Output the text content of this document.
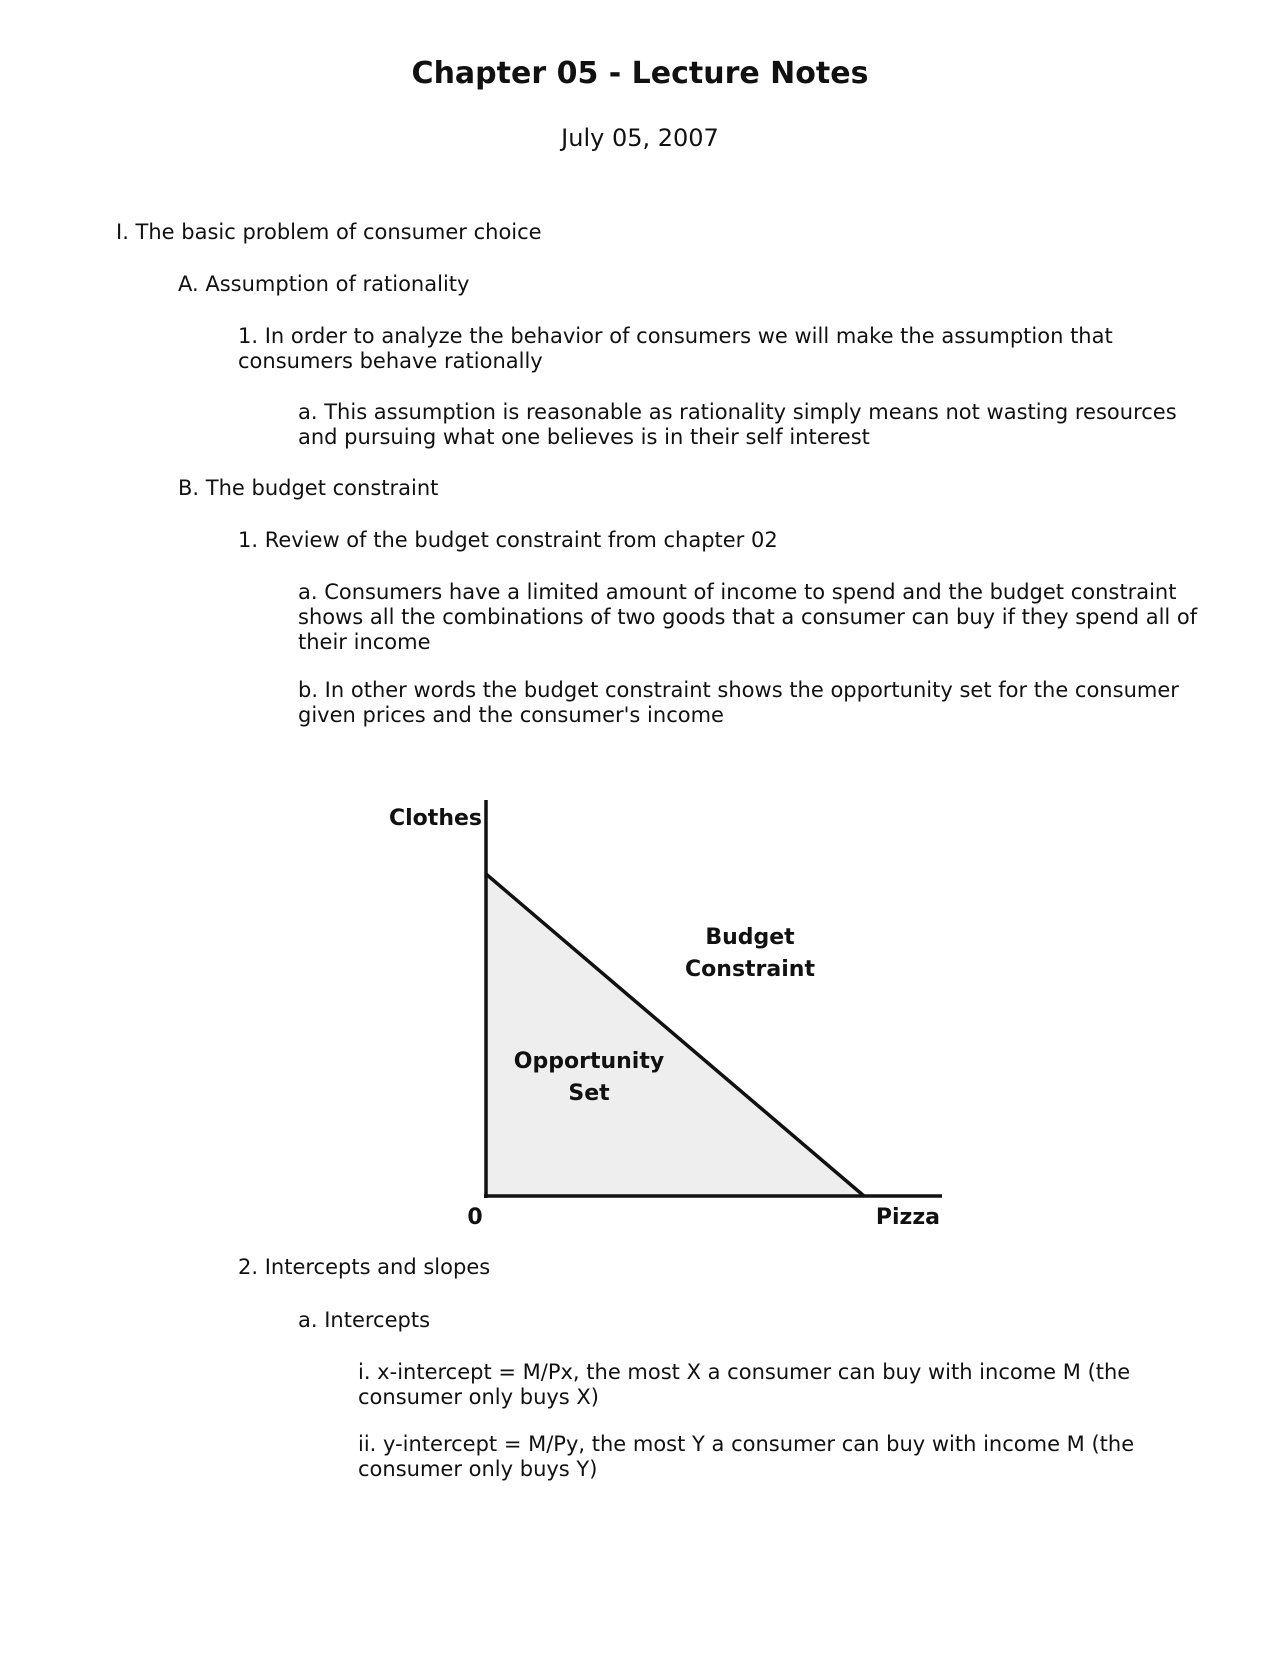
Chapter 05 - Lecture Notes
July 05, 2007

I. The basic problem of consumer choice

A. Assumption of rationality

1. In order to analyze the behavior of consumers we will make the assumption that consumers behave rationally

a. This assumption is reasonable as rationality simply means not wasting resources and pursuing what one believes is in their self interest

B. The budget constraint

1. Review of the budget constraint from chapter 02

a. Consumers have a limited amount of income to spend and the budget constraint shows all the combinations of two goods that a consumer can buy if they spend all of their income

b. In other words the budget constraint shows the opportunity set for the consumer given prices and the consumer's income

Clothes
Pizza
0
Budget
Constraint
Opportunity
Set

2. Intercepts and slopes

a. Intercepts

i. x-intercept = M/Px, the most X a consumer can buy with income M (the consumer only buys X)

ii. y-intercept = M/Py, the most Y a consumer can buy with income M (the consumer only buys Y)
